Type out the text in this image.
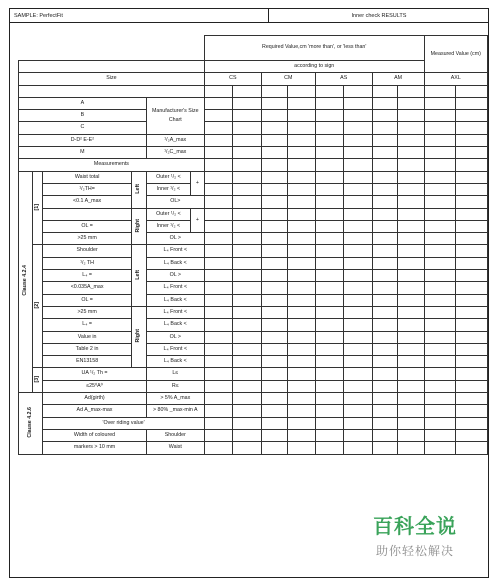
SAMPLE: PerfectFit	Inner check RESULTS
						Required Value,cm 'more than', or 'less than'								Measured Value (cm)	
						according to sign									
Size						CS		CM		AS		AM		AXL	

A				Manufacturer's Size Chart											

B															
C															
D-D² E-E²				¹/₂A_max											
M				¹/₂C_max											
Measurements															
Clause 4.2.4	[1]	Waist total	Left	Outer ¹/₂ <	+										
		¹/₂TH=		Inner ¹/₂ <											
		<0.1 A_max		OL>											
			Right	Outer ¹/₂ <	+										
		OL =		Inner ¹/₂ <											
		>25 mm		OL >											
	[2]	Shoulder	Left	L₄ Front <											
		¹/₂ TH		L₄ Back <											
		L₄ =		OL >											
		<0.035A_max		L₄ Front <											
		OL =		L₄ Back <											
		>25 mm	Right	L₄ Front <											
		L₄ =		L₄ Back <											
		Value in		OL >											
		Table 2 in		L₄ Front <											
		EN13158		L₄ Back <											
	[3]	UA ¹/₂ Th =		L≤											
		≤25⁰A⁰		R≤											
Clause 4.2.6		Ad(girth)		> 5% A_max											
		Ad A_max-max		> 80% _max-min A											
		'Over riding value'													
		Width of coloured		Shoulder											
		markers > 10 mm		Waist											
百科全说
助你轻松解决
